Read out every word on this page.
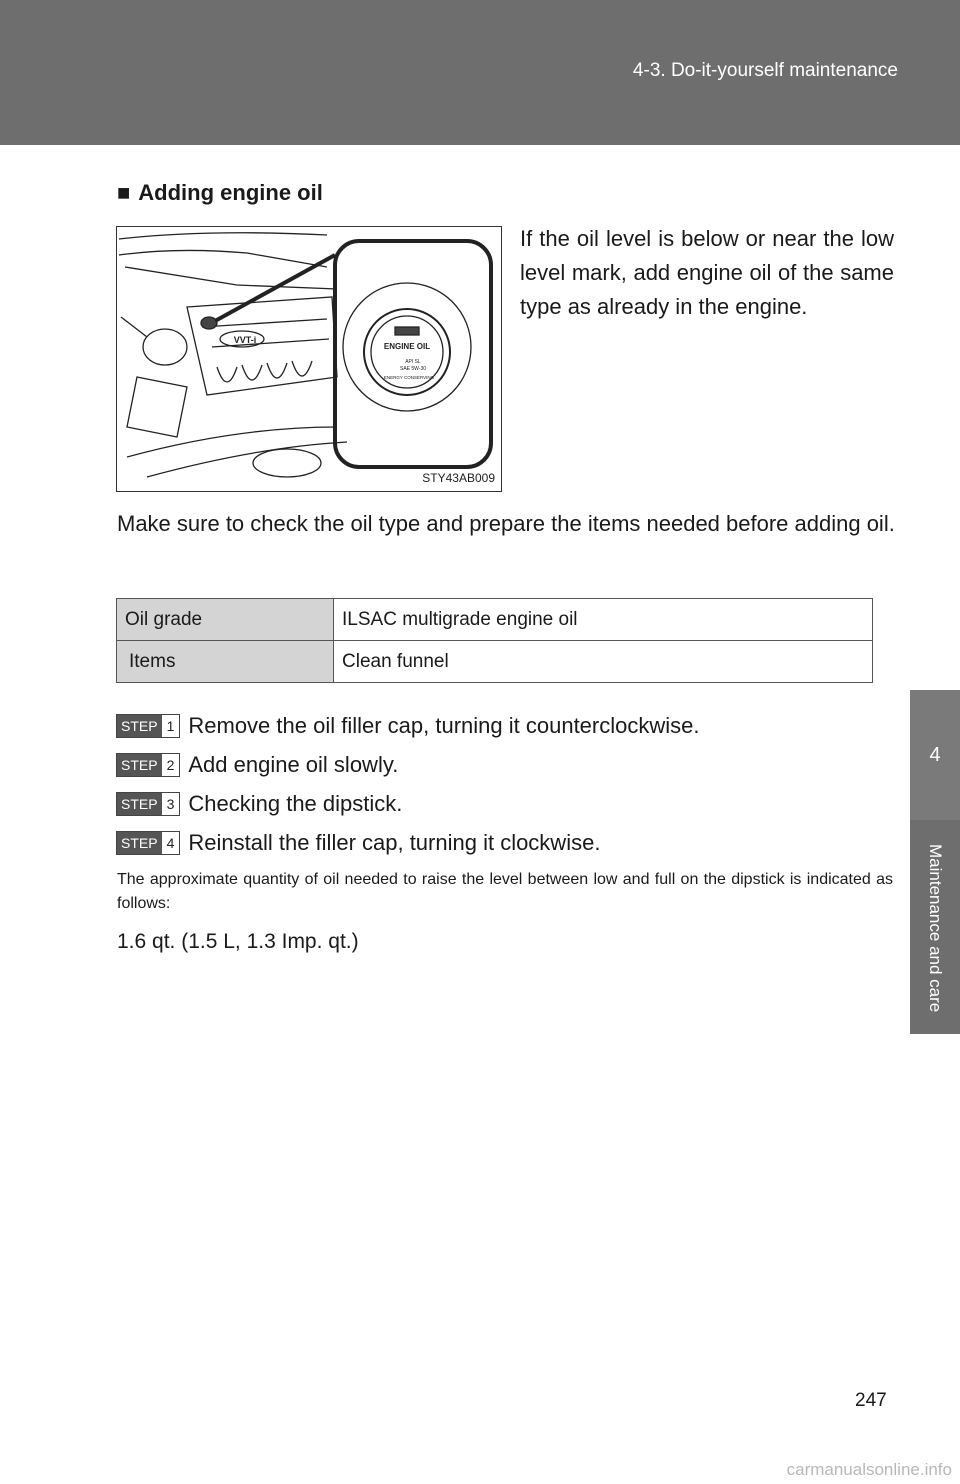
4-3. Do-it-yourself maintenance
4
Maintenance and care
■ Adding engine oil
ENGINE OIL
API SL
SAE 5W-30
ENERGY CONSERVING
VVT-i
STY43AB009
If the oil level is below or near the low level mark, add engine oil of the same type as already in the engine.
Make sure to check the oil type and prepare the items needed before adding oil.
Oil grade	ILSAC multigrade engine oil
Items	Clean funnel
STEP 1 Remove the oil filler cap, turning it counterclockwise.
STEP 2 Add engine oil slowly.
STEP 3 Checking the dipstick.
STEP 4 Reinstall the filler cap, turning it clockwise.
The approximate quantity of oil needed to raise the level between low and full on the dipstick is indicated as follows:
1.6 qt. (1.5 L, 1.3 Imp. qt.)
247
carmanualsonline.info
